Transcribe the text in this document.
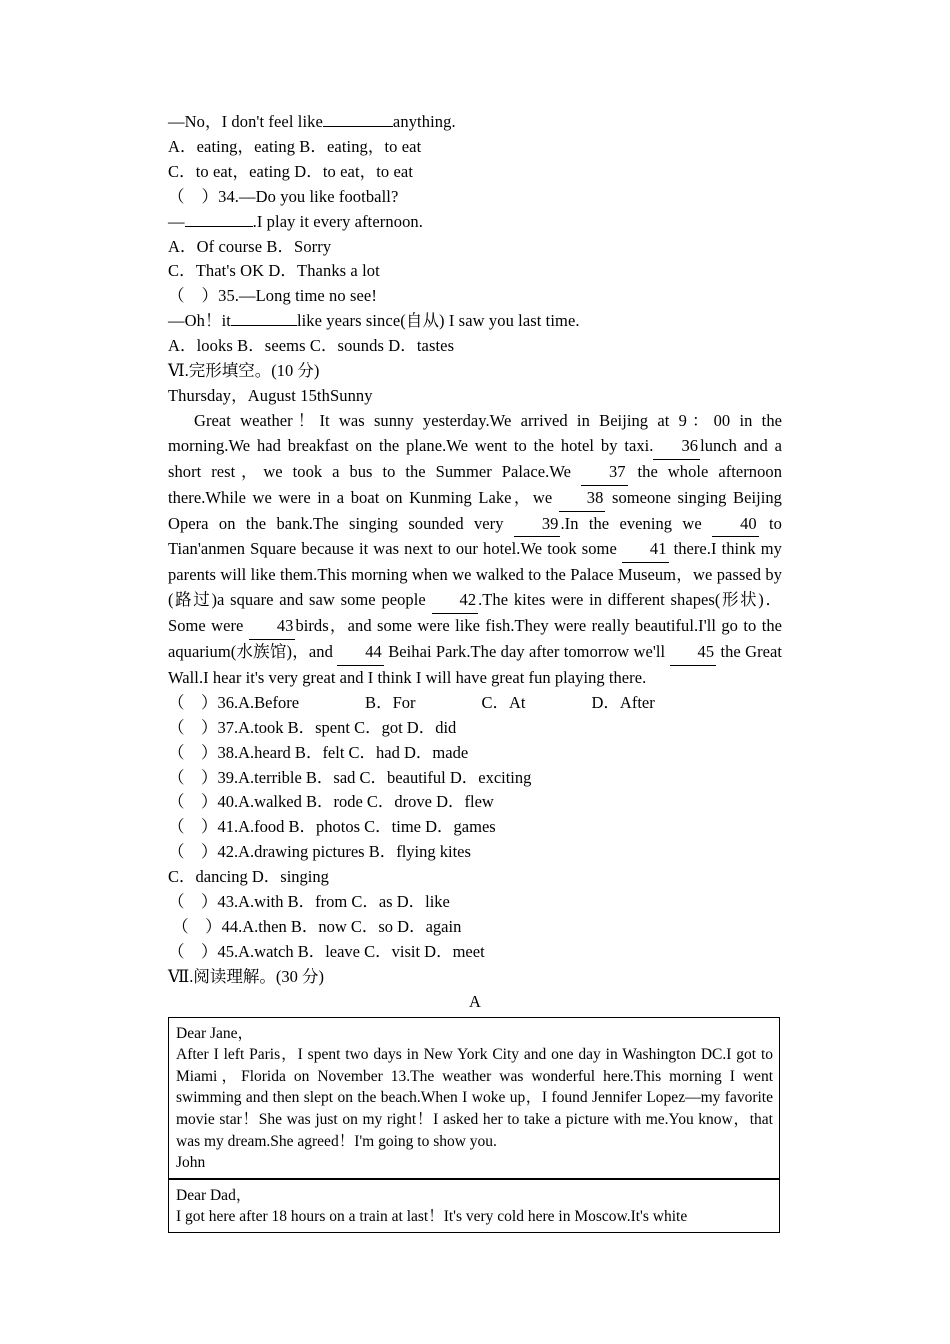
—No，I don't feel like	anything.
A．eating，eating B．eating，to eat
C．to eat，eating D．to eat，to eat
（    ）34.—Do you like football?
—	.I play it every afternoon.
A．Of course B．Sorry
C．That's OK D．Thanks a lot
（    ）35.—Long time no see!
—Oh！it	like years since(自从) I saw you last time.
A．looks B．seems C．sounds D．tastes
Ⅵ.完形填空。(10 分)
Thursday，August 15thSunny

Great weather！It was sunny yesterday.We arrived in Beijing at 9：00 in the morning.We had breakfast on the plane.We went to the hotel by taxi. 36 lunch and a short rest，we took a bus to the Summer Palace.We 37 the whole afternoon there.While we were in a boat on Kunming Lake，we 38 someone singing Beijing Opera on the bank.The singing sounded very 39 .In the evening we 40 to Tian'anmen Square because it was next to our hotel.We took some 41 there.I think my parents will like them.This morning when we walked to the Palace Museum，we passed by (路过)a square and saw some people 42 .The kites were in different shapes(形状)．Some were 43 birds，and some were like fish.They were really beautiful.I'll go to the aquarium(水族馆)，and 44 Beihai Park.The day after tomorrow we'll 45 the Great Wall.I hear it's very great and I think I will have great fun playing there.

（    ）36.A.Before                B．For                C．At                D．After
（    ）37.A.took B．spent C．got D．did
（    ）38.A.heard B．felt C．had D．made
（    ）39.A.terrible B．sad C．beautiful D．exciting
（    ）40.A.walked B．rode C．drove D．flew
（    ）41.A.food B．photos C．time D．games
（    ）42.A.drawing pictures B．flying kites
C．dancing D．singing
（    ）43.A.with B．from C．as D．like
（    ）44.A.then B．now C．so D．again
（    ）45.A.watch B．leave C．visit D．meet
Ⅶ.阅读理解。(30 分)
A

Dear Jane，

After I left Paris，I spent two days in New York City and one day in Washington DC.I got to Miami，Florida on November 13.The weather was wonderful here.This morning I went swimming and then slept on the beach.When I woke up，I found Jennifer Lopez—my favorite movie star！She was just on my right！I asked her to take a picture with me.You know，that was my dream.She agreed！I'm going to show you.

John

Dear Dad，

I got here after 18 hours on a train at last！It's very cold here in Moscow.It's white
